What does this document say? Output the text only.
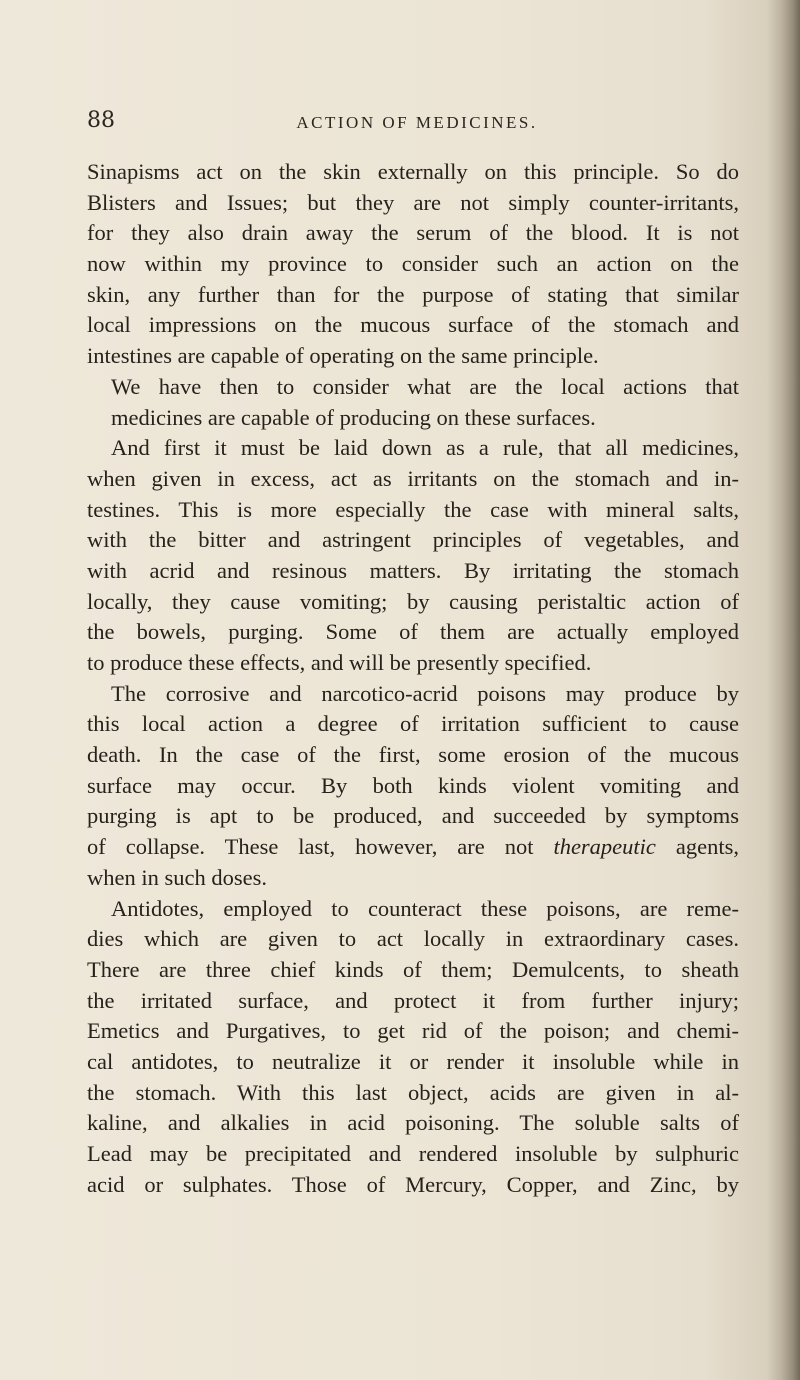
88	ACTION OF MEDICINES.
Sinapisms act on the skin externally on this principle. So do
Blisters and Issues; but they are not simply counter-irritants,
for they also drain away the serum of the blood. It is not
now within my province to consider such an action on the
skin, any further than for the purpose of stating that similar
local impressions on the mucous surface of the stomach and
intestines are capable of operating on the same principle.
We have then to consider what are the local actions that
medicines are capable of producing on these surfaces.
And first it must be laid down as a rule, that all medicines,
when given in excess, act as irritants on the stomach and in-
testines. This is more especially the case with mineral salts,
with the bitter and astringent principles of vegetables, and
with acrid and resinous matters. By irritating the stomach
locally, they cause vomiting; by causing peristaltic action of
the bowels, purging. Some of them are actually employed
to produce these effects, and will be presently specified.
The corrosive and narcotico-acrid poisons may produce by
this local action a degree of irritation sufficient to cause
death. In the case of the first, some erosion of the mucous
surface may occur. By both kinds violent vomiting and
purging is apt to be produced, and succeeded by symptoms
of collapse. These last, however, are not therapeutic agents,
when in such doses.
Antidotes, employed to counteract these poisons, are reme-
dies which are given to act locally in extraordinary cases.
There are three chief kinds of them; Demulcents, to sheath
the irritated surface, and protect it from further injury;
Emetics and Purgatives, to get rid of the poison; and chemi-
cal antidotes, to neutralize it or render it insoluble while in
the stomach. With this last object, acids are given in al-
kaline, and alkalies in acid poisoning. The soluble salts of
Lead may be precipitated and rendered insoluble by sulphuric
acid or sulphates. Those of Mercury, Copper, and Zinc, by
